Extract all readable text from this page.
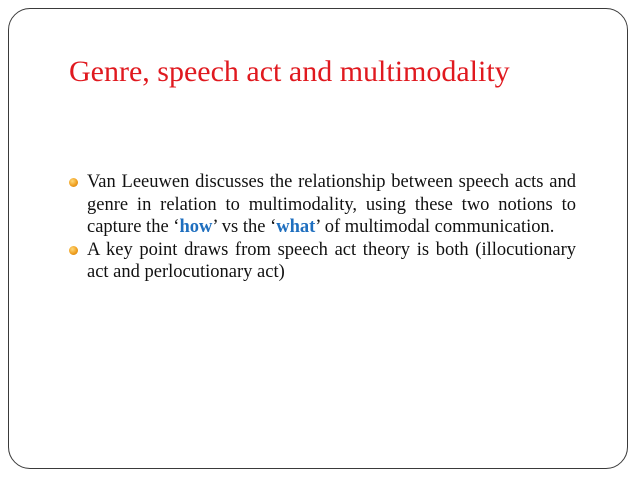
Genre, speech act and multimodality
Van Leeuwen discusses the relationship between speech acts and genre in relation to multimodality, using these two notions to capture the ‘how’ vs the ‘what’ of multimodal communication.
A key point draws from speech act theory is both (illocutionary act and perlocutionary act)
